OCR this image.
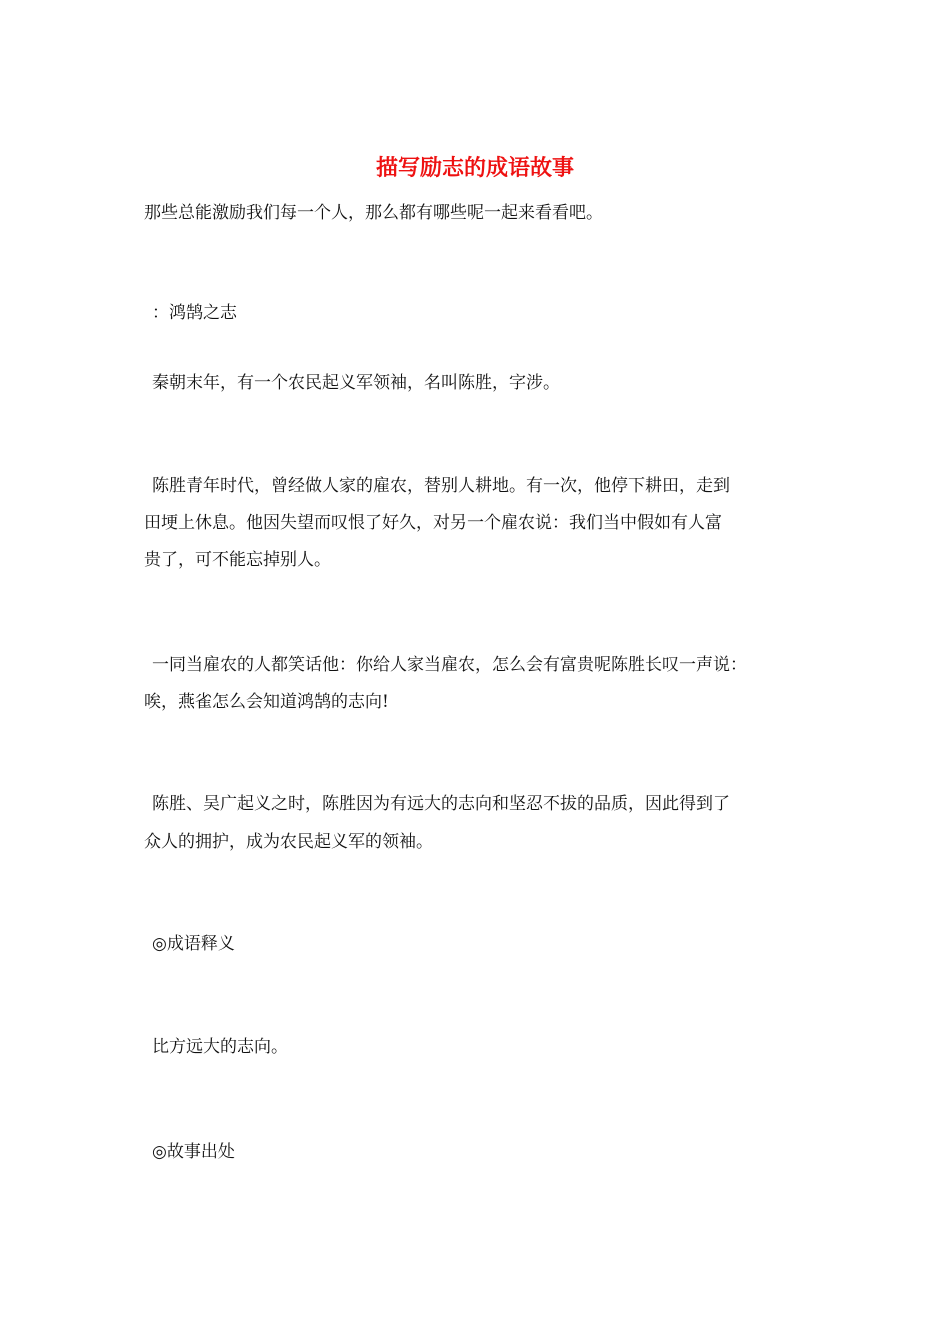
描写励志的成语故事
那些总能激励我们每一个人，那么都有哪些呢一起来看看吧。
：鸿鹄之志
秦朝末年，有一个农民起义军领袖，名叫陈胜，字涉。
陈胜青年时代，曾经做人家的雇农，替别人耕地。有一次，他停下耕田，走到
田埂上休息。他因失望而叹恨了好久，对另一个雇农说：我们当中假如有人富
贵了，可不能忘掉别人。
一同当雇农的人都笑话他：你给人家当雇农，怎么会有富贵呢陈胜长叹一声说：
唉，燕雀怎么会知道鸿鹄的志向!
陈胜、吴广起义之时，陈胜因为有远大的志向和坚忍不拔的品质，因此得到了
众人的拥护，成为农民起义军的领袖。
◎成语释义
比方远大的志向。
◎故事出处
